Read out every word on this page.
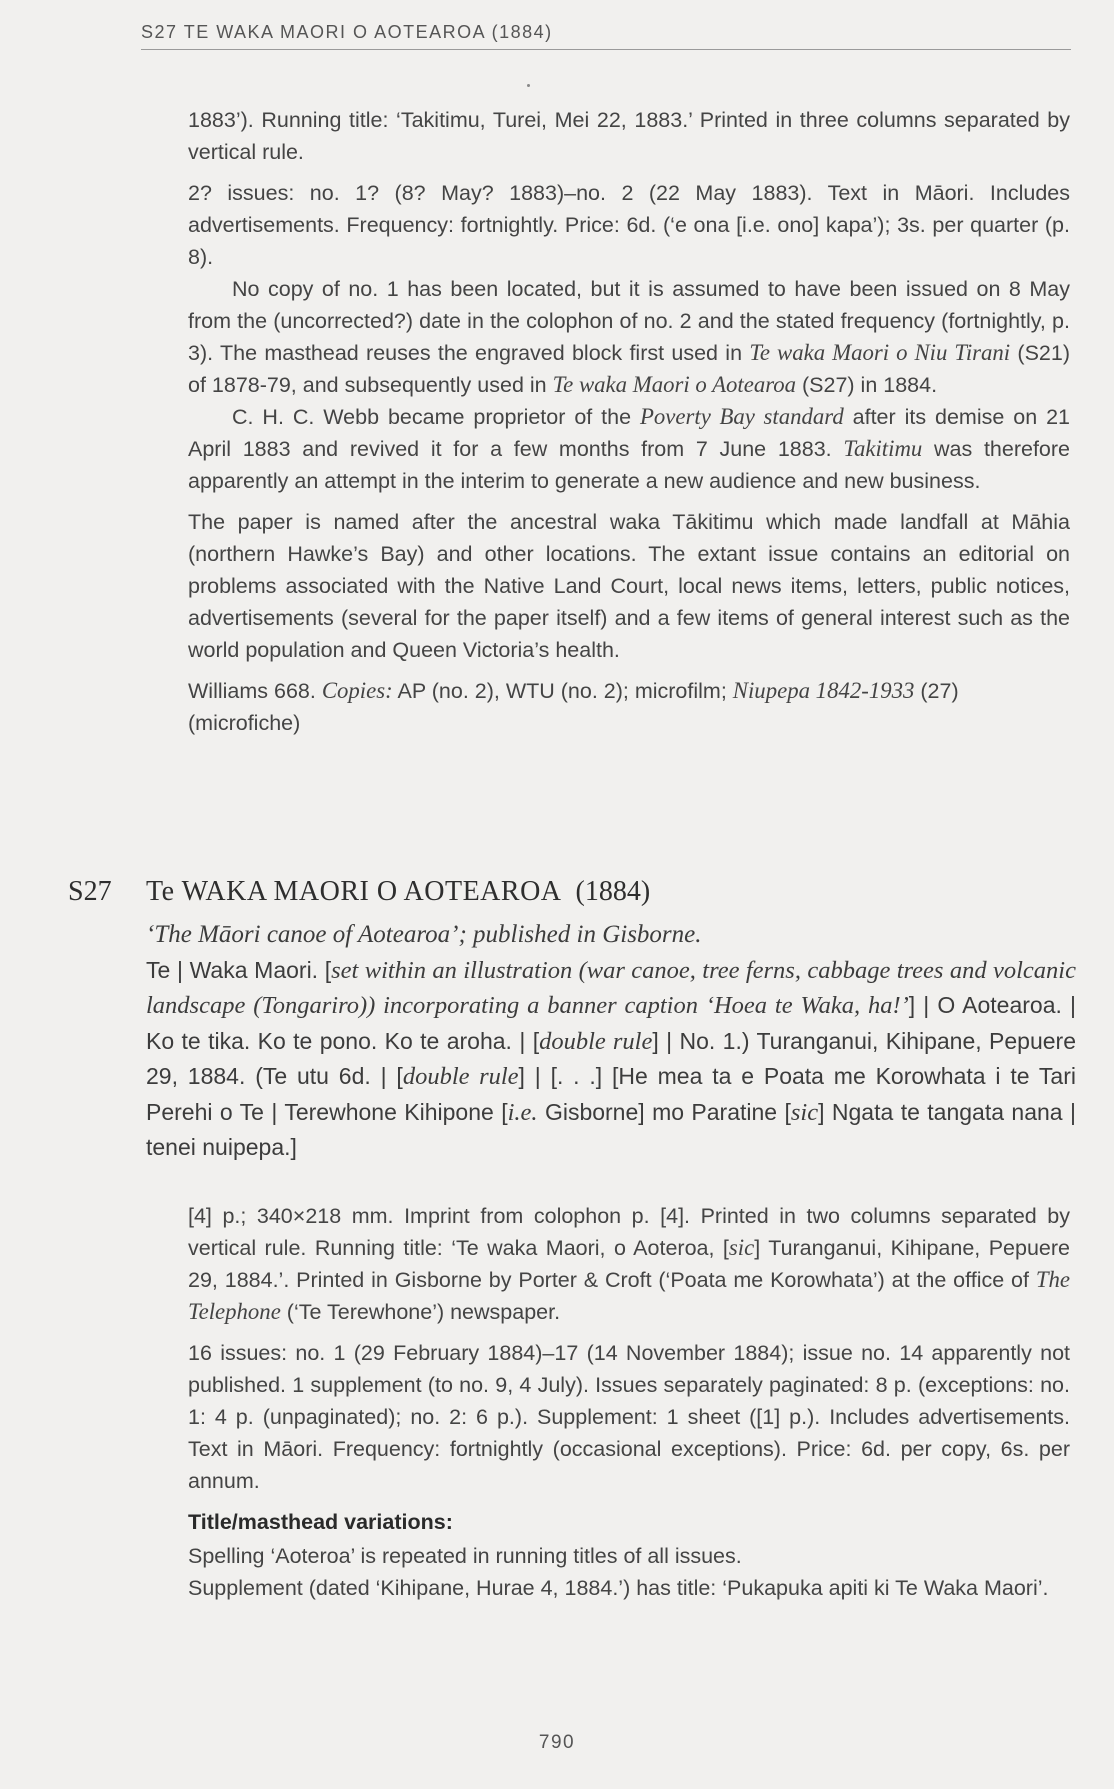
S27 TE WAKA MAORI O AOTEAROA (1884)

1883’). Running title: ‘Takitimu, Turei, Mei 22, 1883.’ Printed in three columns separated by vertical rule.

2? issues: no. 1? (8? May? 1883)–no. 2 (22 May 1883). Text in Māori. Includes advertisements. Frequency: fortnightly. Price: 6d. (‘e ona [i.e. ono] kapa’); 3s. per quarter (p. 8).

No copy of no. 1 has been located, but it is assumed to have been issued on 8 May from the (uncorrected?) date in the colophon of no. 2 and the stated frequency (fortnightly, p. 3). The masthead reuses the engraved block first used in Te waka Maori o Niu Tirani (S21) of 1878-79, and subsequently used in Te waka Maori o Aotearoa (S27) in 1884.

C. H. C. Webb became proprietor of the Poverty Bay standard after its demise on 21 April 1883 and revived it for a few months from 7 June 1883. Takitimu was therefore apparently an attempt in the interim to generate a new audience and new business.

The paper is named after the ancestral waka Tākitimu which made landfall at Māhia (northern Hawke’s Bay) and other locations. The extant issue contains an editorial on problems associated with the Native Land Court, local news items, letters, public notices, advertisements (several for the paper itself) and a few items of general interest such as the world population and Queen Victoria’s health.

Williams 668. Copies: AP (no. 2), WTU (no. 2); microfilm; Niupepa 1842-1933 (27) (microfiche)

S27 Te WAKA MAORI O AOTEAROA (1884)
‘The Māori canoe of Aotearoa’; published in Gisborne.
Te | Waka Maori. [set within an illustration (war canoe, tree ferns, cabbage trees and volcanic landscape (Tongariro)) incorporating a banner caption ‘Hoea te Waka, ha!’] | O Aotearoa. | Ko te tika. Ko te pono. Ko te aroha. | [double rule] | No. 1.) Turanganui, Kihipane, Pepuere 29, 1884. (Te utu 6d. | [double rule] | [. . .] [He mea ta e Poata me Korowhata i te Tari Perehi o Te | Terewhone Kihipone [i.e. Gisborne] mo Paratine [sic] Ngata te tangata nana | tenei nuipepa.]

[4] p.; 340×218 mm. Imprint from colophon p. [4]. Printed in two columns separated by vertical rule. Running title: ‘Te waka Maori, o Aoteroa, [sic] Turanganui, Kihipane, Pepuere 29, 1884.’. Printed in Gisborne by Porter & Croft (‘Poata me Korowhata’) at the office of The Telephone (‘Te Terewhone’) newspaper.

16 issues: no. 1 (29 February 1884)–17 (14 November 1884); issue no. 14 apparently not published. 1 supplement (to no. 9, 4 July). Issues separately paginated: 8 p. (exceptions: no. 1: 4 p. (unpaginated); no. 2: 6 p.). Supplement: 1 sheet ([1] p.). Includes advertisements. Text in Māori. Frequency: fortnightly (occasional exceptions). Price: 6d. per copy, 6s. per annum.

Title/masthead variations:
Spelling ‘Aoteroa’ is repeated in running titles of all issues.
Supplement (dated ‘Kihipane, Hurae 4, 1884.’) has title: ‘Pukapuka apiti ki Te Waka Maori’.
790
